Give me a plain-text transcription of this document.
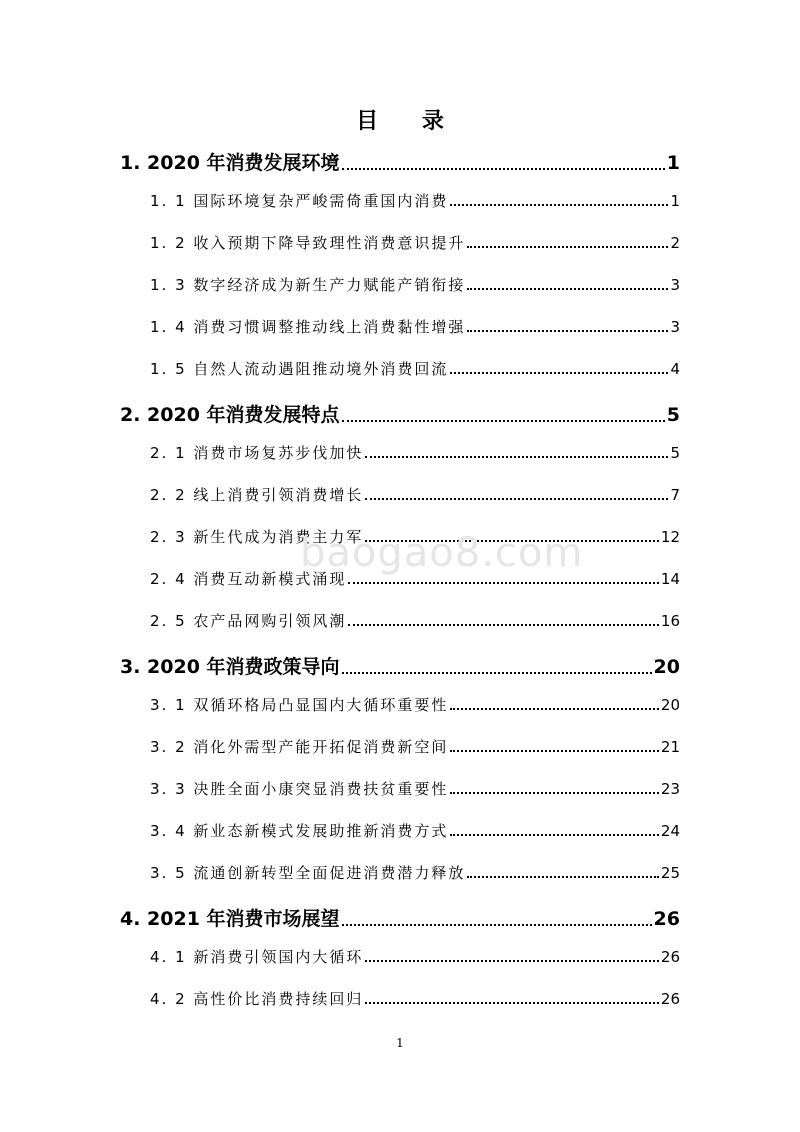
目 录
1. 2020 年消费发展环境	1
1. 1 国际环境复杂严峻需倚重国内消费	1
1. 2 收入预期下降导致理性消费意识提升	2
1. 3 数字经济成为新生产力赋能产销衔接	3
1. 4 消费习惯调整推动线上消费黏性增强	3
1. 5 自然人流动遇阻推动境外消费回流	4
2. 2020 年消费发展特点	5
2. 1 消费市场复苏步伐加快	5
2. 2 线上消费引领消费增长	7
2. 3 新生代成为消费主力军	12
2. 4 消费互动新模式涌现	14
2. 5 农产品网购引领风潮	16
3. 2020 年消费政策导向	20
3. 1 双循环格局凸显国内大循环重要性	20
3. 2 消化外需型产能开拓促消费新空间	21
3. 3 决胜全面小康突显消费扶贫重要性	23
3. 4 新业态新模式发展助推新消费方式	24
3. 5 流通创新转型全面促进消费潜力释放	25
4. 2021 年消费市场展望	26
4. 1 新消费引领国内大循环	26
4. 2 高性价比消费持续回归	26
baogao8.com
1
